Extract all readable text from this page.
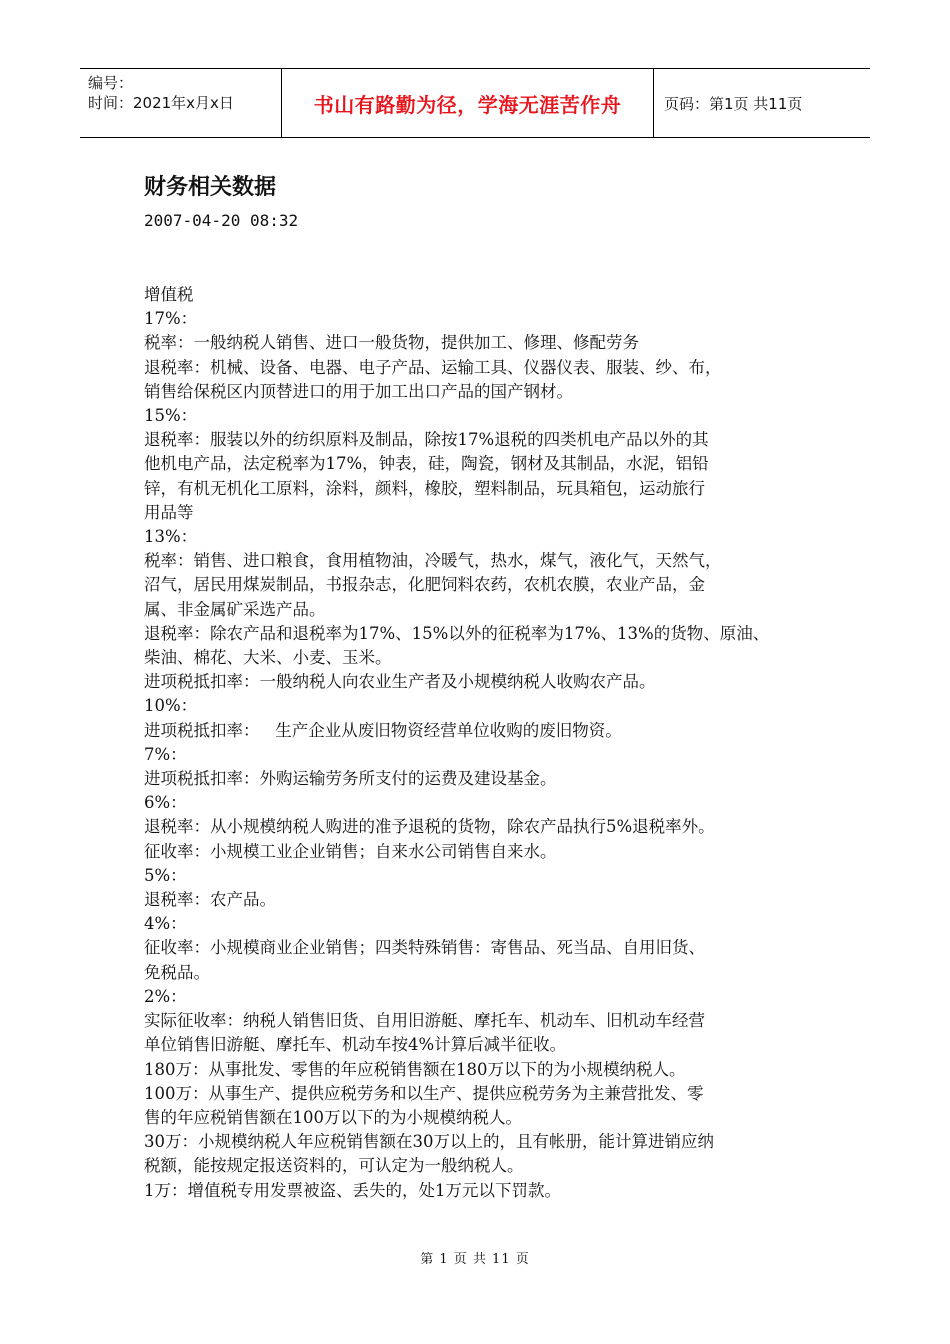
编号：
时间：2021年x月x日	书山有路勤为径，学海无涯苦作舟	页码：第1页 共11页
财务相关数据
2007-04-20 08:32
增值税
17%：
税率：一般纳税人销售、进口一般货物，提供加工、修理、修配劳务
退税率：机械、设备、电器、电子产品、运输工具、仪器仪表、服装、纱、布，
销售给保税区内顶替进口的用于加工出口产品的国产钢材。
15%：
退税率：服装以外的纺织原料及制品，除按17%退税的四类机电产品以外的其
他机电产品，法定税率为17%，钟表，硅，陶瓷，钢材及其制品，水泥，铝铅
锌，有机无机化工原料，涂料，颜料，橡胶，塑料制品，玩具箱包，运动旅行
用品等
13%：
税率：销售、进口粮食，食用植物油，冷暖气，热水，煤气，液化气，天然气，
沼气，居民用煤炭制品，书报杂志，化肥饲料农药，农机农膜，农业产品，金
属、非金属矿采选产品。
退税率：除农产品和退税率为17%、15%以外的征税率为17%、13%的货物、原油、
柴油、棉花、大米、小麦、玉米。
进项税抵扣率：一般纳税人向农业生产者及小规模纳税人收购农产品。
10%：
进项税抵扣率：   生产企业从废旧物资经营单位收购的废旧物资。
7%：
进项税抵扣率：外购运输劳务所支付的运费及建设基金。
6%：
退税率：从小规模纳税人购进的准予退税的货物，除农产品执行5%退税率外。
征收率：小规模工业企业销售；自来水公司销售自来水。
5%：
退税率：农产品。
4%：
征收率：小规模商业企业销售；四类特殊销售：寄售品、死当品、自用旧货、
免税品。
2%：
实际征收率：纳税人销售旧货、自用旧游艇、摩托车、机动车、旧机动车经营
单位销售旧游艇、摩托车、机动车按4%计算后减半征收。
180万：从事批发、零售的年应税销售额在180万以下的为小规模纳税人。
100万：从事生产、提供应税劳务和以生产、提供应税劳务为主兼营批发、零
售的年应税销售额在100万以下的为小规模纳税人。
30万：小规模纳税人年应税销售额在30万以上的，且有帐册，能计算进销应纳
税额，能按规定报送资料的，可认定为一般纳税人。
1万：增值税专用发票被盗、丢失的，处1万元以下罚款。
第 1 页 共 11 页
